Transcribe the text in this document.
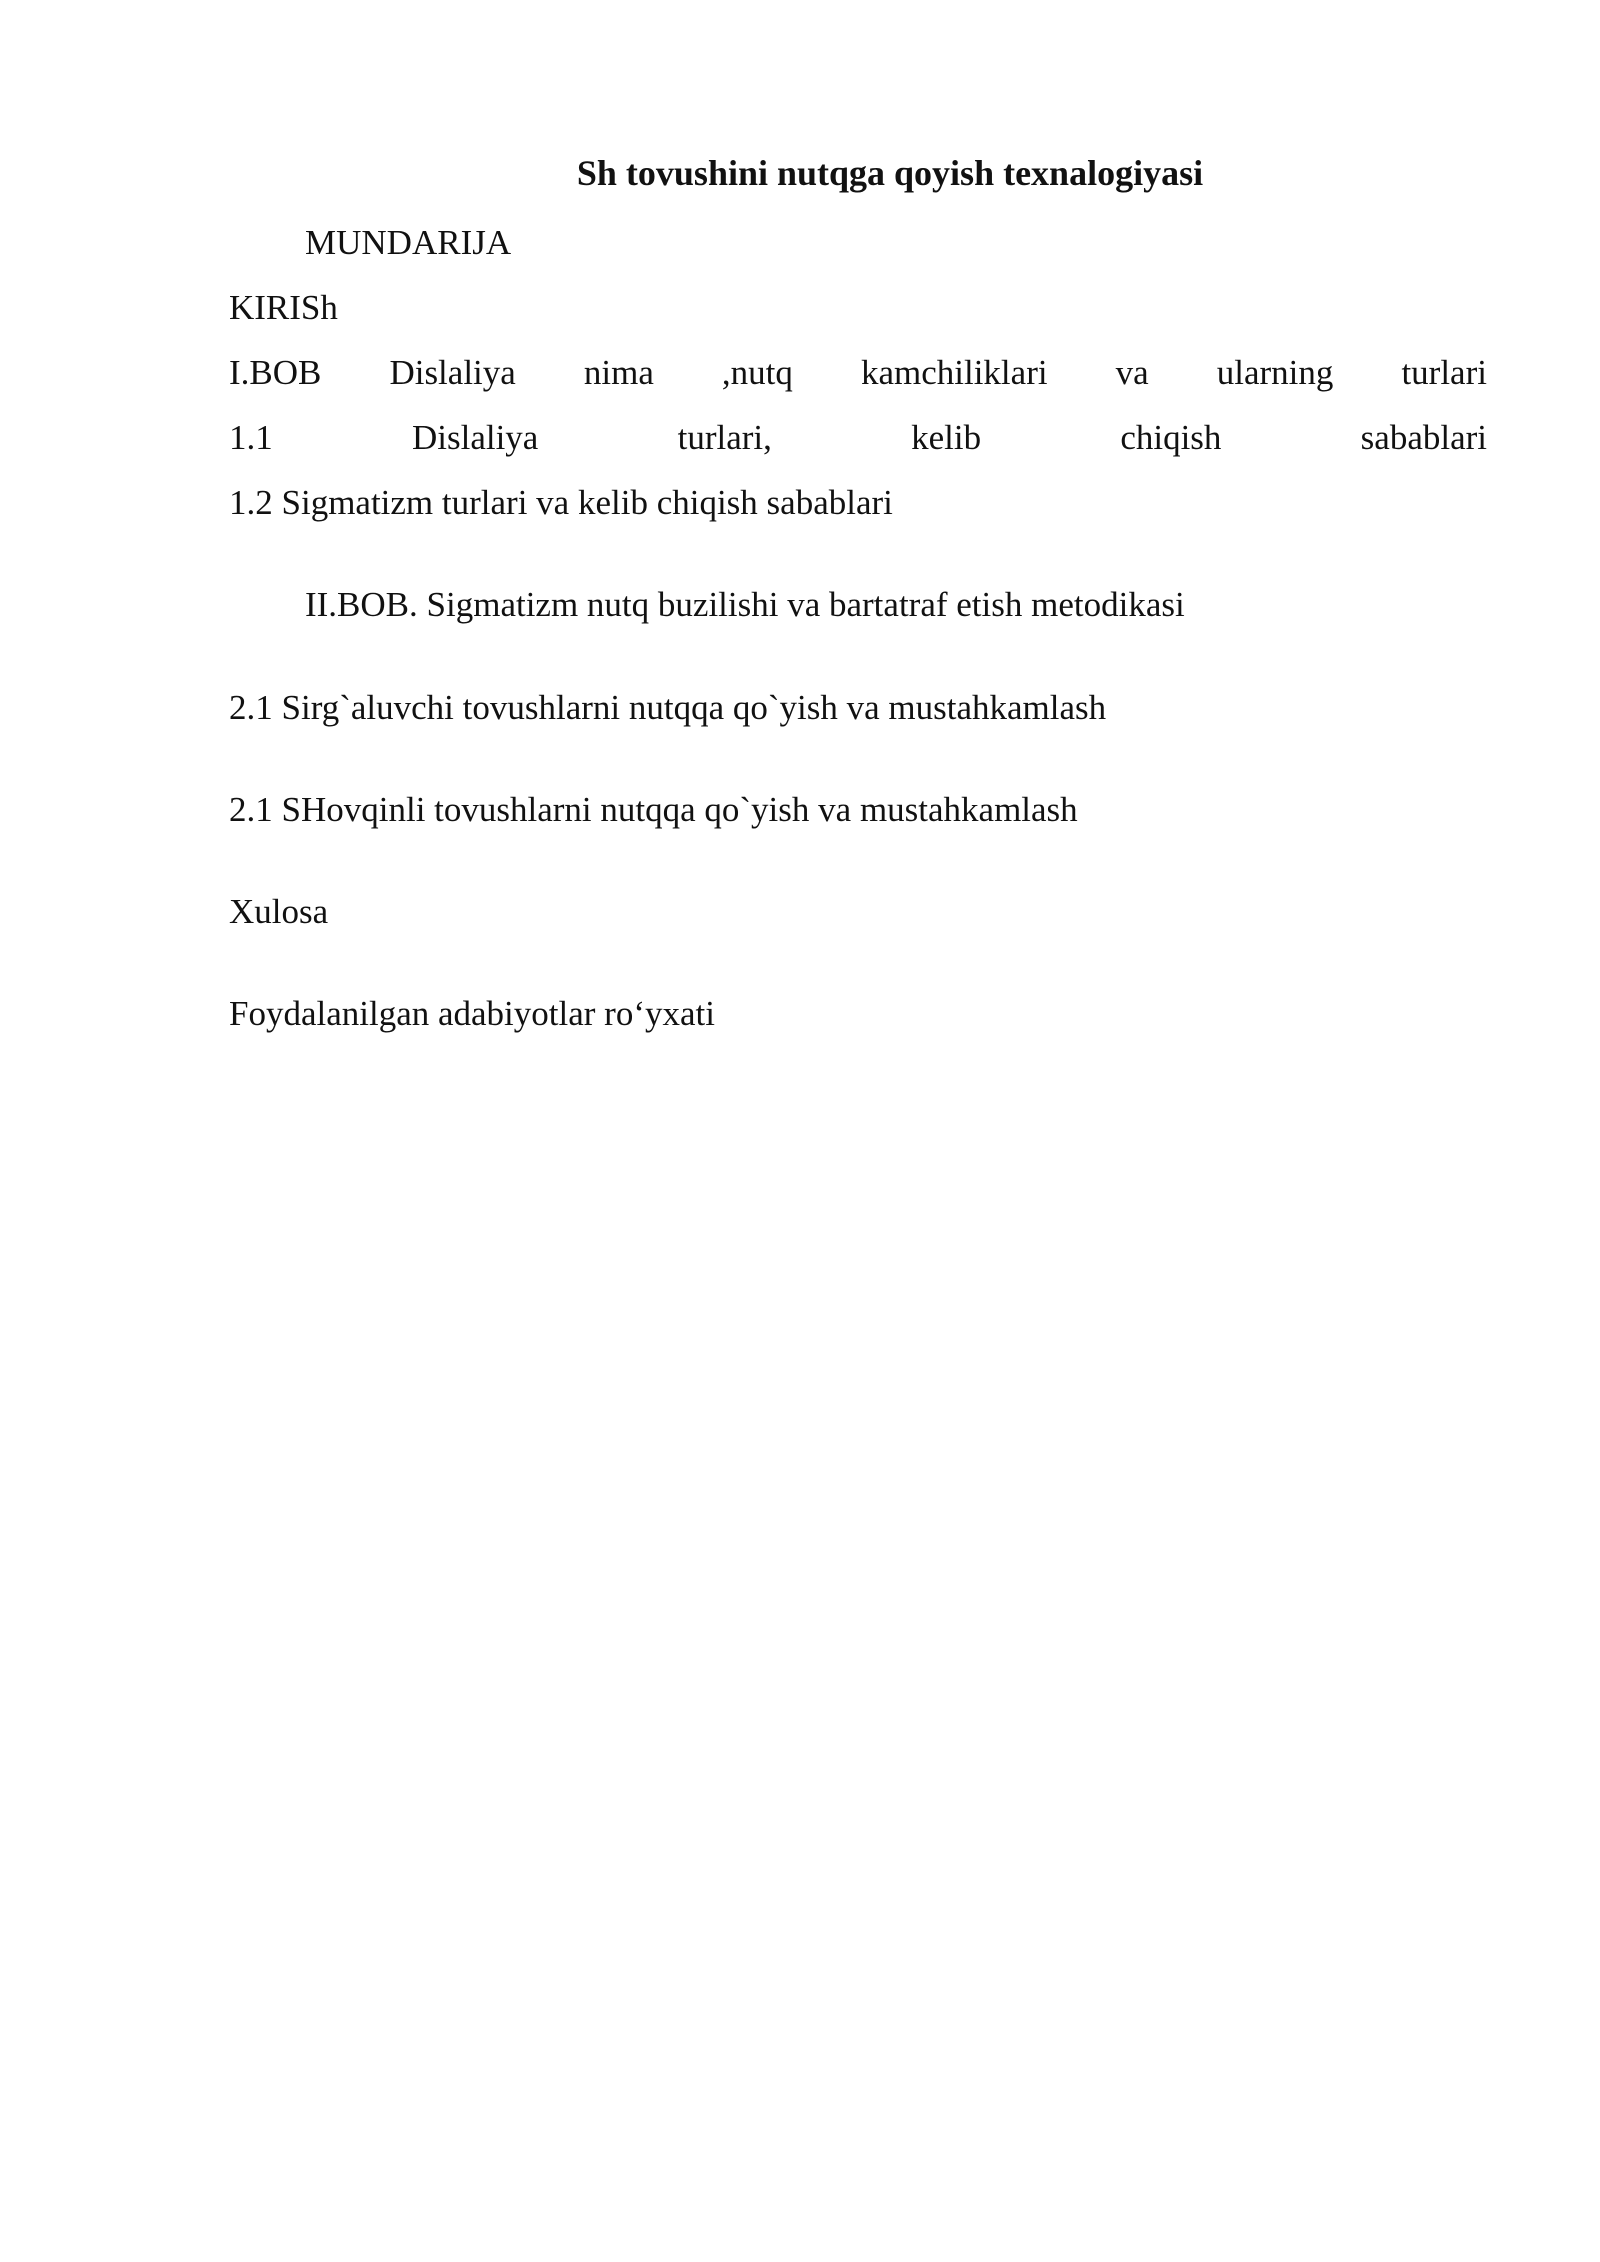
Sh tovushini nutqga qoyish texnalogiyasi
MUNDARIJA
KIRISh
I.BOB Dislaliya nima ,nutq kamchiliklari va ularning turlari
1.1	Dislaliya	turlari,	kelib	chiqish	sabablari
1.2 Sigmatizm turlari va kelib chiqish sabablari
II.BOB. Sigmatizm nutq buzilishi va bartatraf etish metodikasi
2.1 Sirg`aluvchi tovushlarni nutqqa qo`yish va mustahkamlash
2.1 SHovqinli tovushlarni nutqqa qo`yish va mustahkamlash
Xulosa
Foydalanilgan adabiyotlar ro‘yxati
